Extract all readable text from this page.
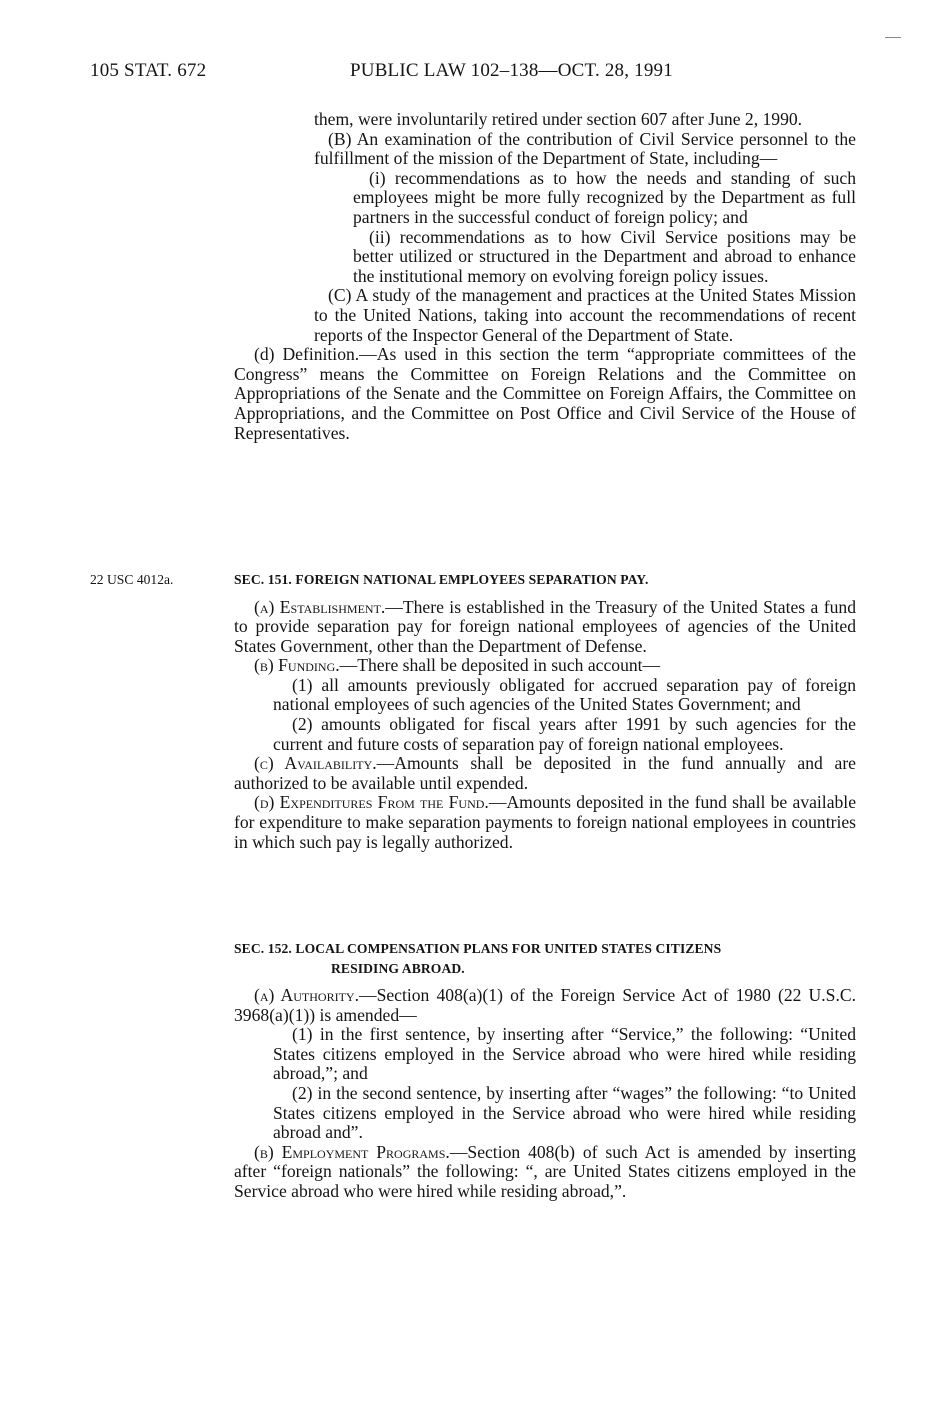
105 STAT. 672	PUBLIC LAW 102–138—OCT. 28, 1991

them, were involuntarily retired under section 607 after June 2, 1990.

(B) An examination of the contribution of Civil Service personnel to the fulfillment of the mission of the Department of State, including—

(i) recommendations as to how the needs and standing of such employees might be more fully recognized by the Department as full partners in the successful conduct of foreign policy; and

(ii) recommendations as to how Civil Service positions may be better utilized or structured in the Department and abroad to enhance the institutional memory on evolving foreign policy issues.

(C) A study of the management and practices at the United States Mission to the United Nations, taking into account the recommendations of recent reports of the Inspector General of the Department of State.

(d) Definition.—As used in this section the term “appropriate committees of the Congress” means the Committee on Foreign Relations and the Committee on Appropriations of the Senate and the Committee on Foreign Affairs, the Committee on Appropriations, and the Committee on Post Office and Civil Service of the House of Representatives.

22 USC 4012a.	SEC. 151. FOREIGN NATIONAL EMPLOYEES SEPARATION PAY.

(a) Establishment.—There is established in the Treasury of the United States a fund to provide separation pay for foreign national employees of agencies of the United States Government, other than the Department of Defense.

(b) Funding.—There shall be deposited in such account—

(1) all amounts previously obligated for accrued separation pay of foreign national employees of such agencies of the United States Government; and

(2) amounts obligated for fiscal years after 1991 by such agencies for the current and future costs of separation pay of foreign national employees.

(c) Availability.—Amounts shall be deposited in the fund annually and are authorized to be available until expended.

(d) Expenditures From the Fund.—Amounts deposited in the fund shall be available for expenditure to make separation payments to foreign national employees in countries in which such pay is legally authorized.

SEC. 152. LOCAL COMPENSATION PLANS FOR UNITED STATES CITIZENS
RESIDING ABROAD.

(a) Authority.—Section 408(a)(1) of the Foreign Service Act of 1980 (22 U.S.C. 3968(a)(1)) is amended—

(1) in the first sentence, by inserting after “Service,” the following: “United States citizens employed in the Service abroad who were hired while residing abroad,”; and

(2) in the second sentence, by inserting after “wages” the following: “to United States citizens employed in the Service abroad who were hired while residing abroad and”.

(b) Employment Programs.—Section 408(b) of such Act is amended by inserting after “foreign nationals” the following: “, are United States citizens employed in the Service abroad who were hired while residing abroad,”.
